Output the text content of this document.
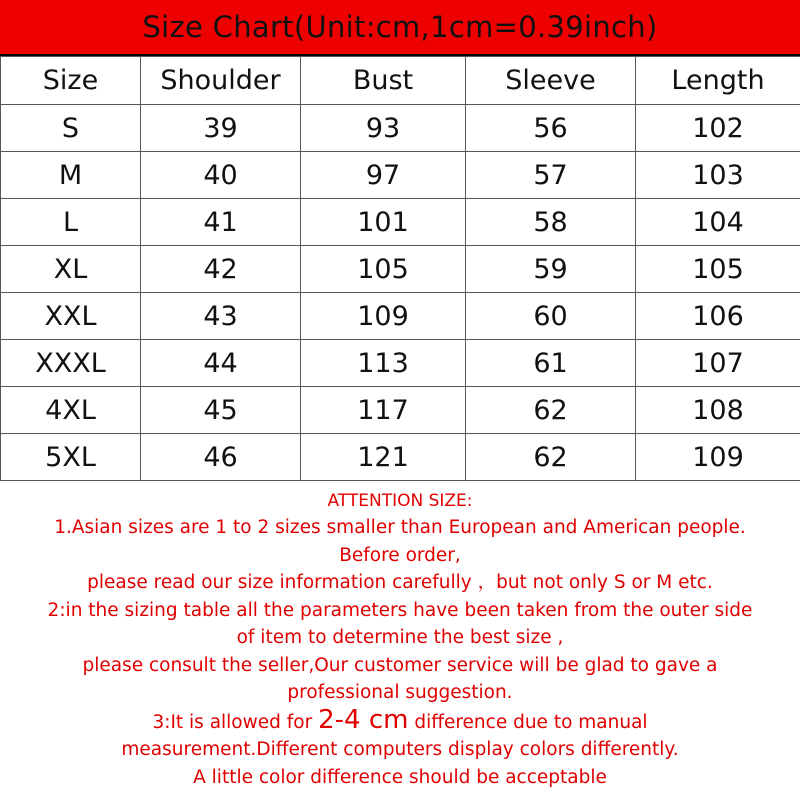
Size Chart(Unit:cm,1cm=0.39inch)
Size	Shoulder	Bust	Sleeve	Length
S	39	93	56	102
M	40	97	57	103
L	41	101	58	104
XL	42	105	59	105
XXL	43	109	60	106
XXXL	44	113	61	107
4XL	45	117	62	108
5XL	46	121	62	109

ATTENTION SIZE:

1.Asian sizes are 1 to 2 sizes smaller than European and American people.

Before order,

please read our size information carefully ，but not only S or M etc.

2:in the sizing table all the parameters have been taken from the outer side

of item to determine the best size ,

please consult the seller,Our customer service will be glad to gave a

professional suggestion.

3:It is allowed for 2-4 cm difference due to manual

measurement.Different computers display colors differently.

A little color difference should be acceptable
